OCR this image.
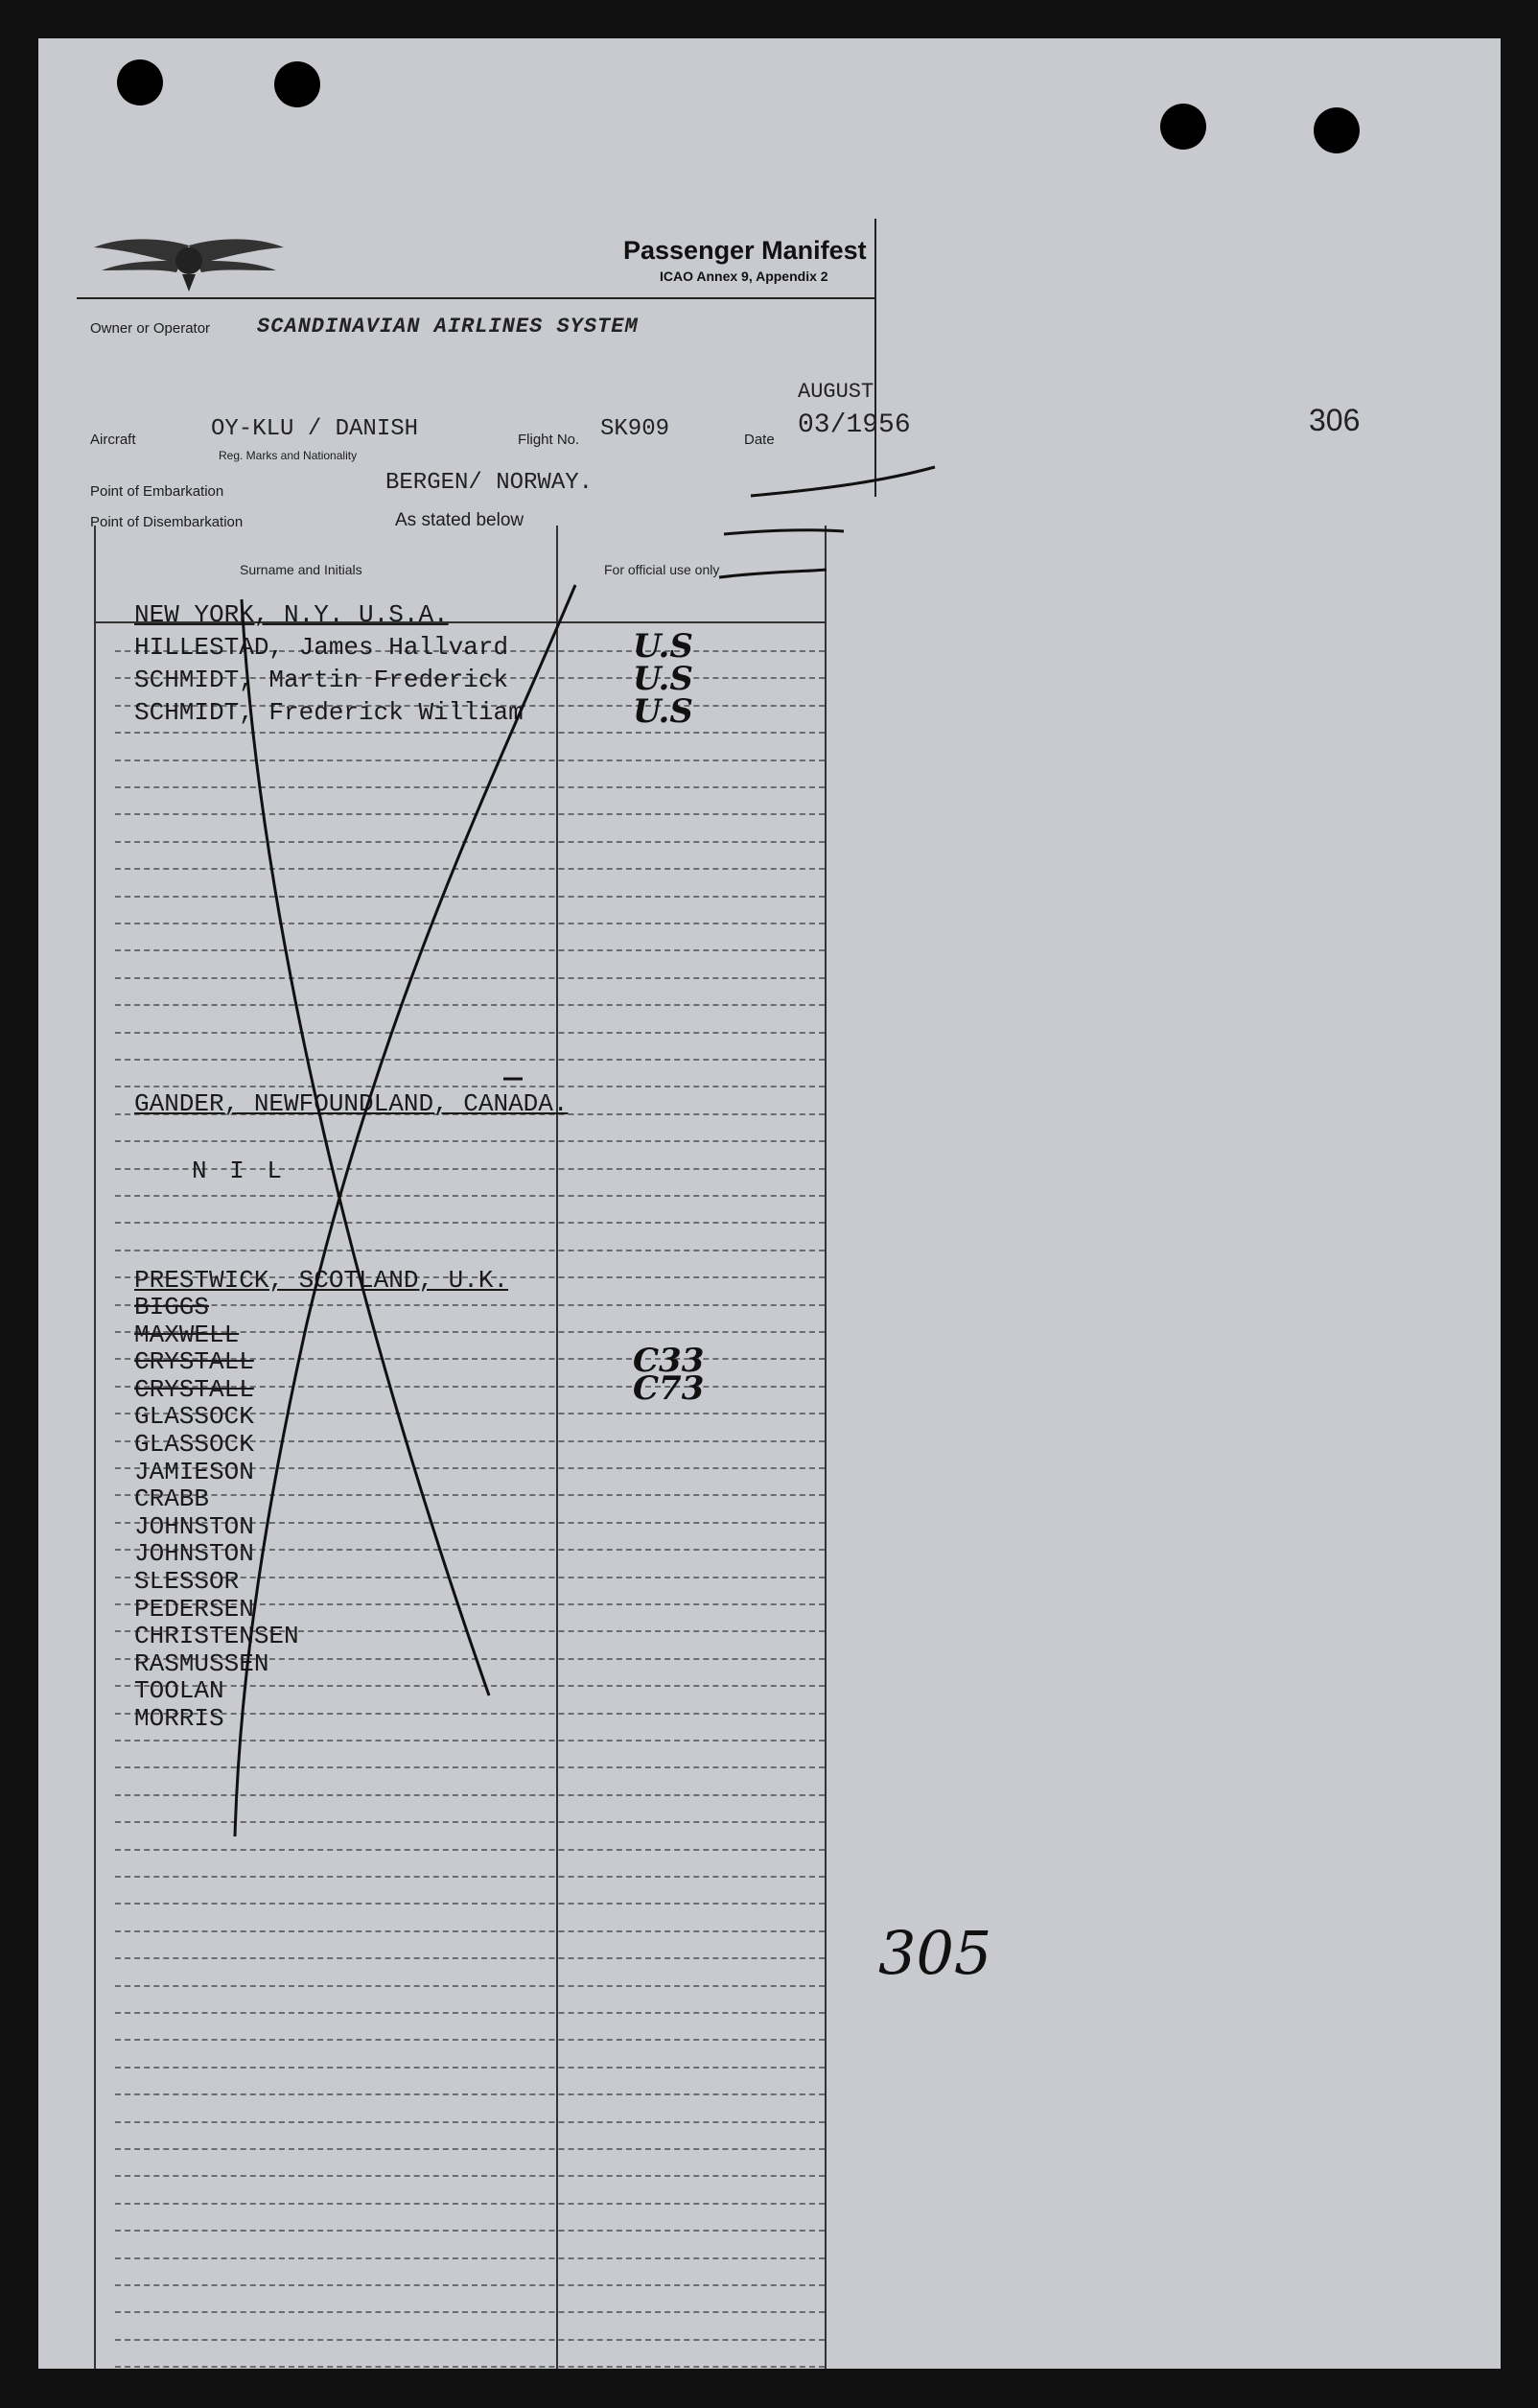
Passenger Manifest
ICAO Annex 9, Appendix 2
Owner or Operator SCANDINAVIAN AIRLINES SYSTEM
AUGUST
Aircraft	OY-KLU / DANISH
Reg. Marks and Nationality
Flight No. SK909	Date 03/1956
Point of Embarkation	BERGEN/ NORWAY.
Point of Disembarkation	As stated below
Surname and Initials	For official use only
NEW YORK, N.Y. U.S.A.
HILLESTAD, James Hallvard	U.S
SCHMIDT, Martin Frederick	U.S
SCHMIDT, Frederick William	U.S
GANDER, NEWFOUNDLAND, CANADA.
N I L
PRESTWICK, SCOTLAND, U.K.
BIGGS
MAXWELL
CRYSTALL	C33
CRYSTALL	C73
GLASSOCK
GLASSOCK
JAMIESON
CRABB
JOHNSTON
JOHNSTON
SLESSOR
PEDERSEN
CHRISTENSEN
RASMUSSEN
TOOLAN
MORRIS
306
305
